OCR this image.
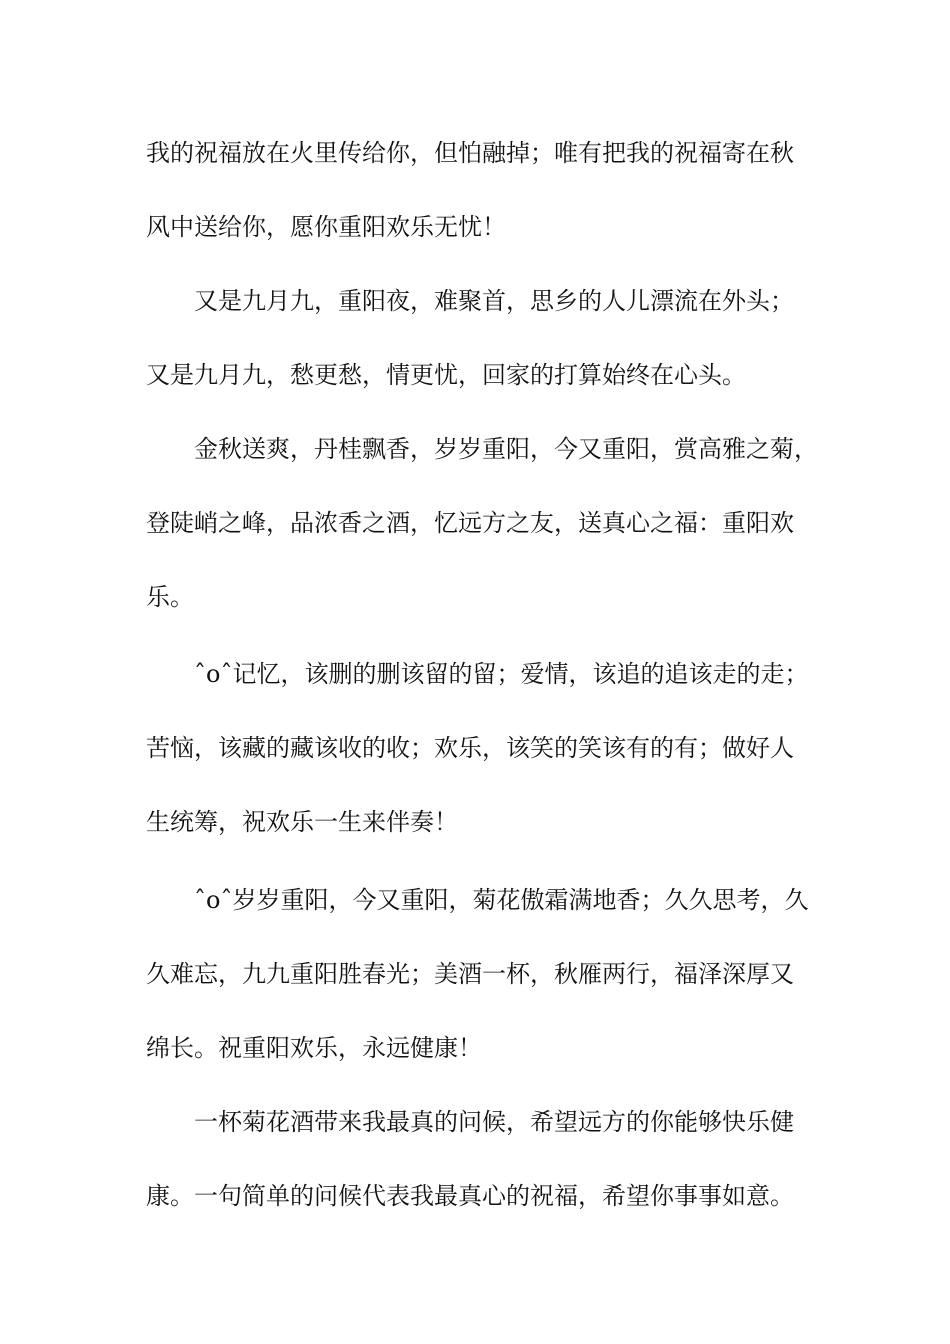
我的祝福放在火里传给你，但怕融掉；唯有把我的祝福寄在秋

风中送给你，愿你重阳欢乐无忧！

又是九月九，重阳夜，难聚首，思乡的人儿漂流在外头；

又是九月九，愁更愁，情更忧，回家的打算始终在心头。

金秋送爽，丹桂飘香，岁岁重阳，今又重阳，赏高雅之菊，

登陡峭之峰，品浓香之酒，忆远方之友，送真心之福：重阳欢

乐。

ˆoˆ记忆，该删的删该留的留；爱情，该追的追该走的走；

苦恼，该藏的藏该收的收；欢乐，该笑的笑该有的有；做好人

生统筹，祝欢乐一生来伴奏！

ˆoˆ岁岁重阳，今又重阳，菊花傲霜满地香；久久思考，久

久难忘，九九重阳胜春光；美酒一杯，秋雁两行，福泽深厚又

绵长。祝重阳欢乐，永远健康！

一杯菊花酒带来我最真的问候，希望远方的你能够快乐健

康。一句简单的问候代表我最真心的祝福，希望你事事如意。
